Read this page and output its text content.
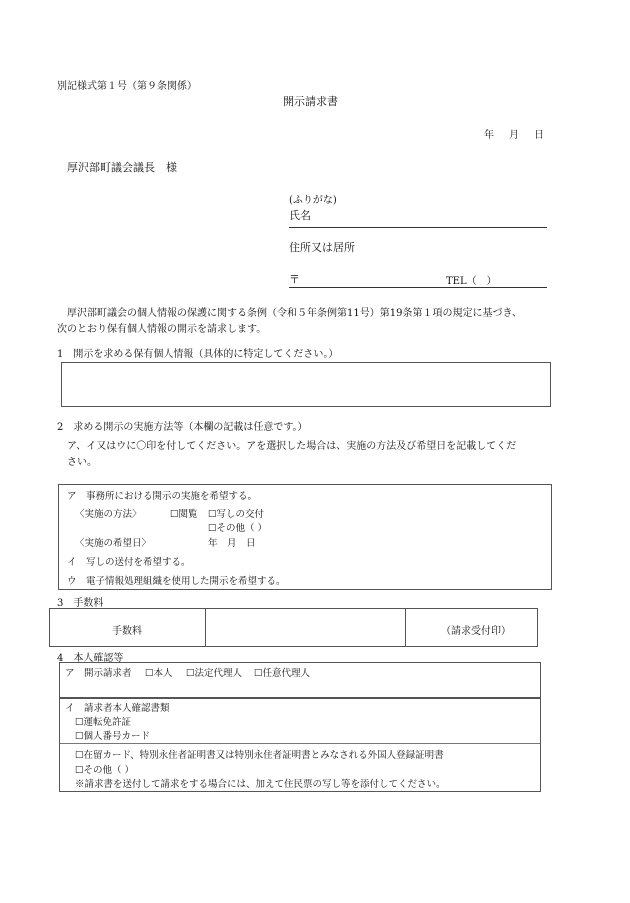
別記様式第１号（第９条関係）
開示請求書
年 月 日
厚沢部町議会議長　様
(ふりがな)
氏名
住所又は居所
〒	TEL（　）
厚沢部町議会の個人情報の保護に関する条例（令和５年条例第11号）第19条第１項の規定に基づき、
次のとおり保有個人情報の開示を請求します。
1　開示を求める保有個人情報（具体的に特定してください。）
2　求める開示の実施方法等（本欄の記載は任意です。）
ア、イ又はウに〇印を付してください。アを選択した場合は、実施の方法及び希望日を記載してくだ
さい。
ア　事務所における開示の実施を希望する。
〈実施の方法〉	☐閲覧 ☐写しの交付
☐その他（ ）
〈実施の希望日〉	年　月　日
イ　写しの送付を希望する。
ウ　電子情報処理組織を使用した開示を希望する。
3　手数料
手数料	（請求受付印）
4　本人確認等
ア　開示請求者 ☐本人 ☐法定代理人 ☐任意代理人
イ　請求者本人確認書類
☐運転免許証
☐個人番号カード
☐在留カード、特別永住者証明書又は特別永住者証明書とみなされる外国人登録証明書
☐その他（ ）
※請求書を送付して請求をする場合には、加えて住民票の写し等を添付してください。
